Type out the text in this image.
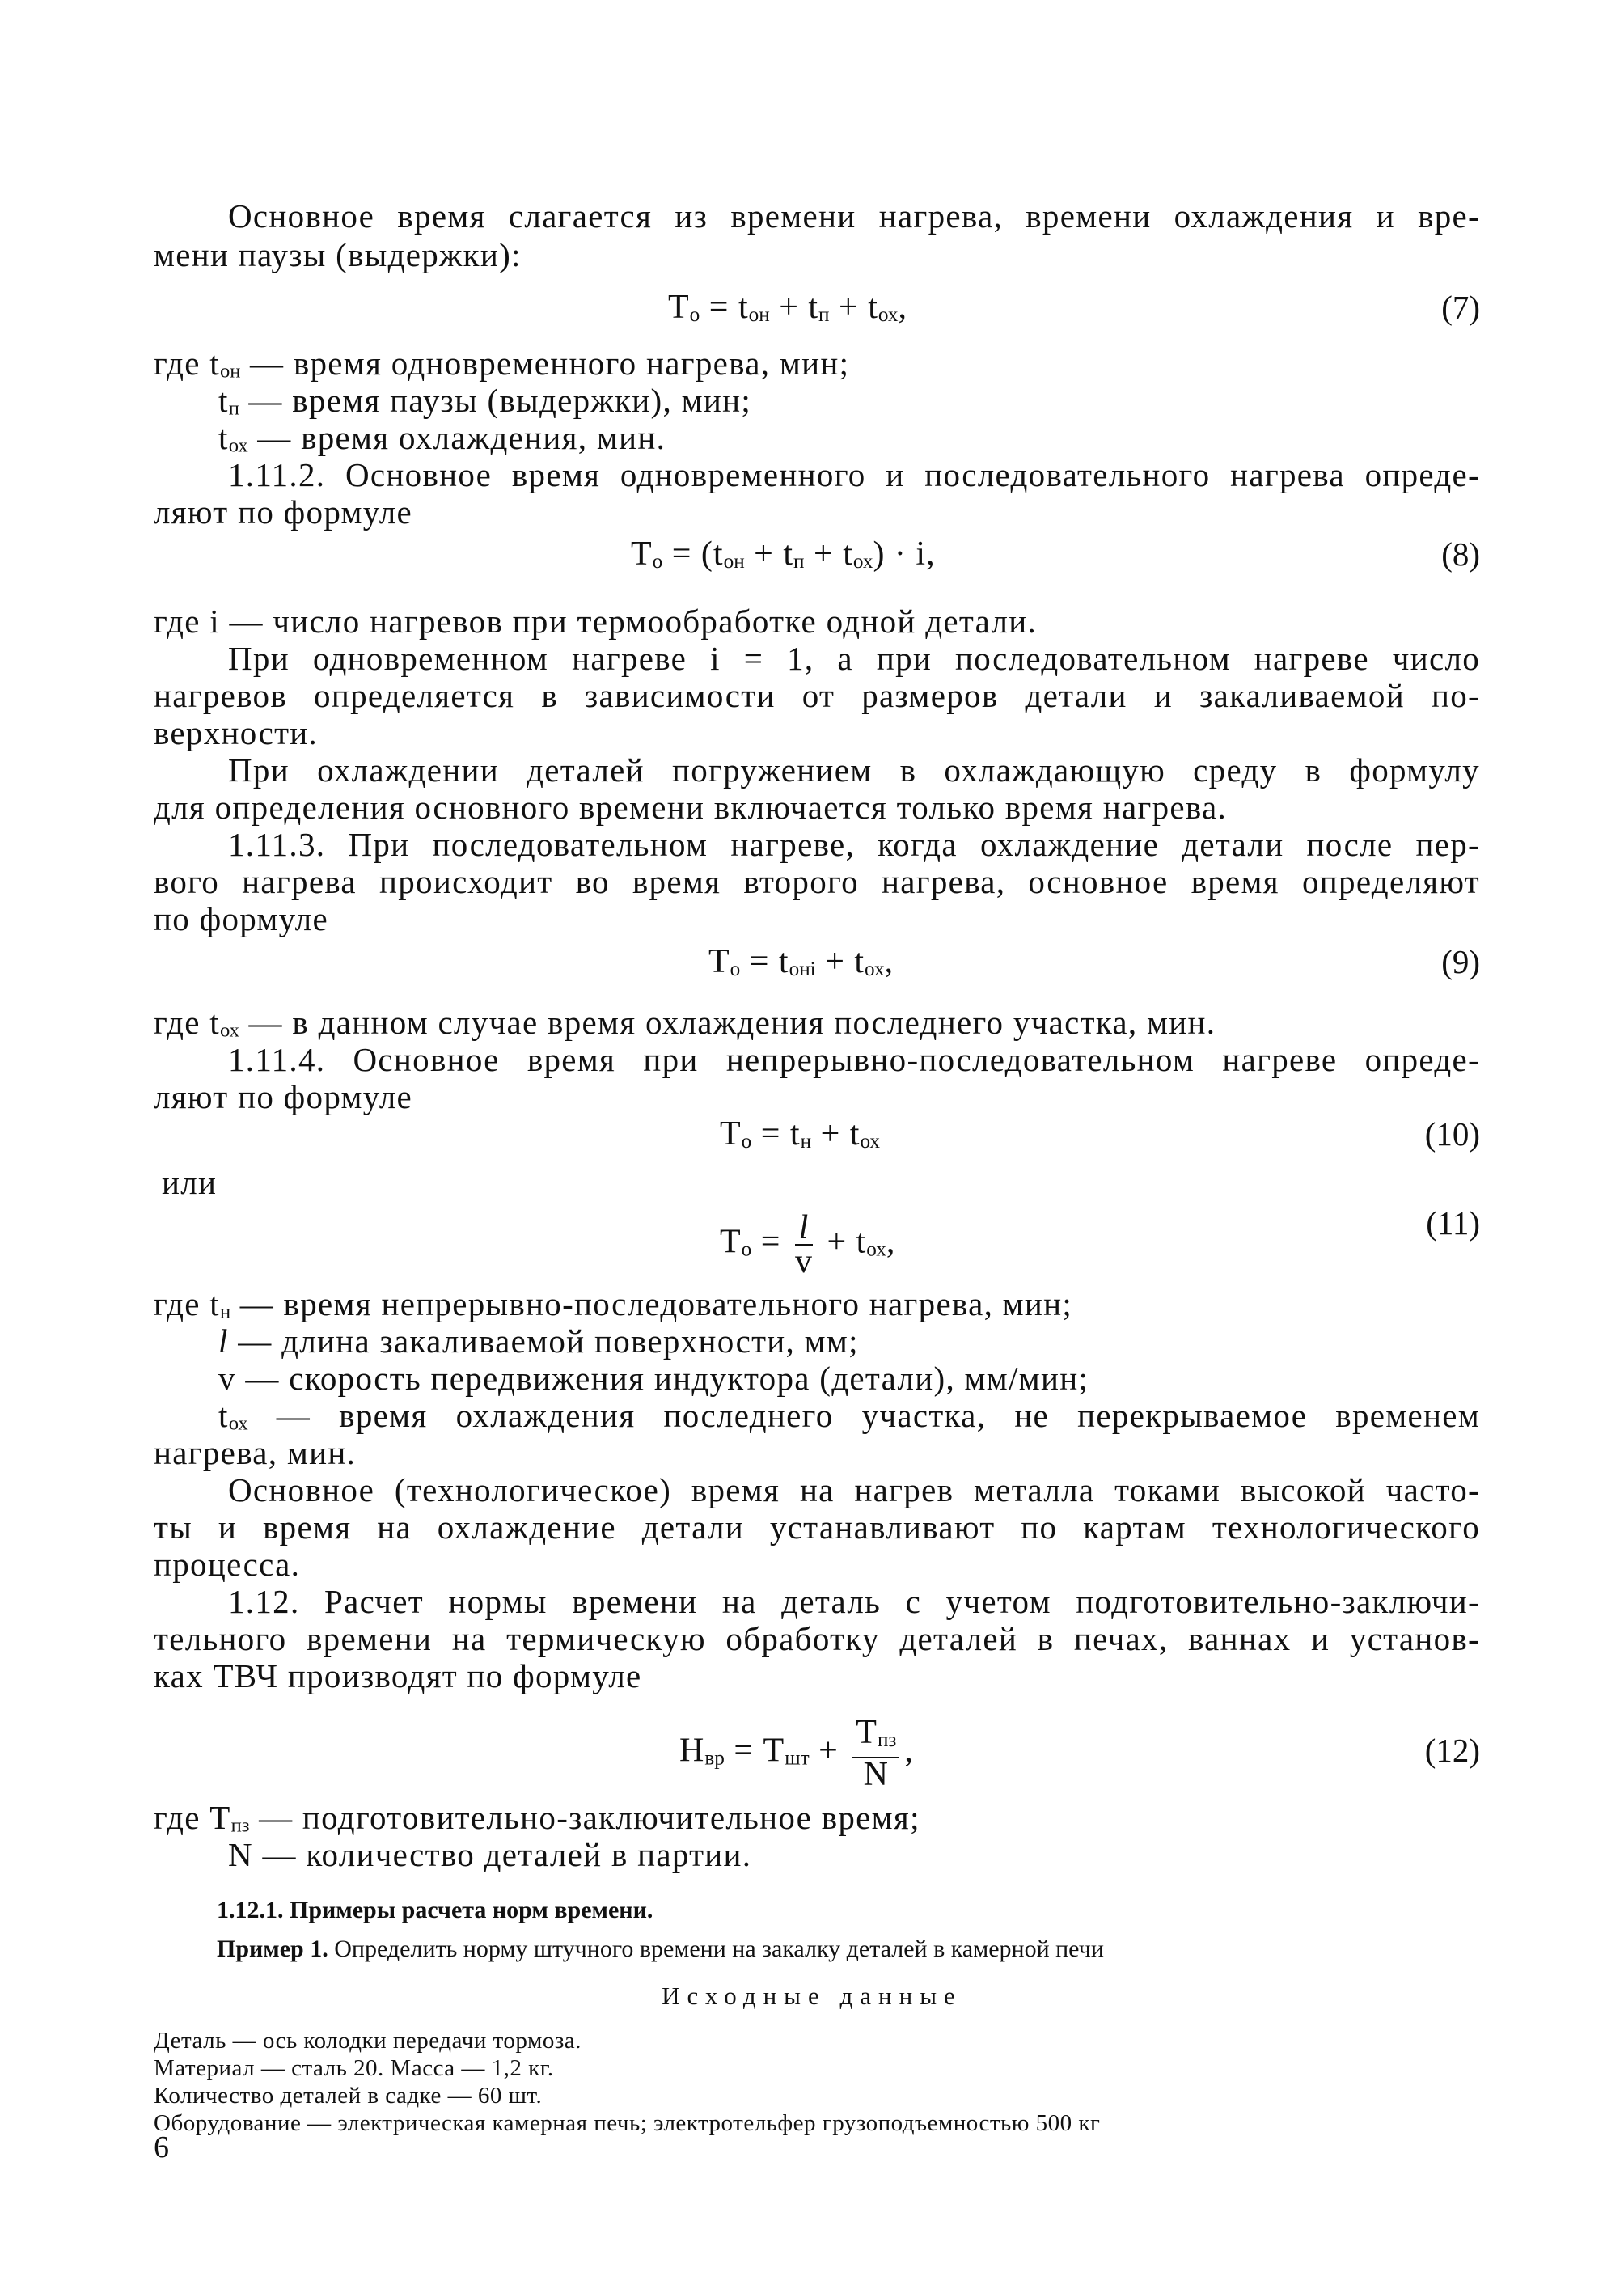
Основное время слагается из времени нагрева, времени охлаждения и вре-
мени паузы (выдержки):
Tо = tон + tп + tох,	(7)
где tон — время одновременного нагрева, мин;
tп — время паузы (выдержки), мин;
tох — время охлаждения, мин.
1.11.2. Основное время одновременного и последовательного нагрева опреде-
ляют по формуле
Tо = (tон + tп + tох) · i,	(8)
где i — число нагревов при термообработке одной детали.
При одновременном нагреве i = 1, а при последовательном нагреве число
нагревов определяется в зависимости от размеров детали и закаливаемой по-
верхности.
При охлаждении деталей погружением в охлаждающую среду в формулу
для определения основного времени включается только время нагрева.
1.11.3. При последовательном нагреве, когда охлаждение детали после пер-
вого нагрева происходит во время второго нагрева, основное время определяют
по формуле
Tо = tонi + tох,	(9)
где tох — в данном случае время охлаждения последнего участка, мин.
1.11.4. Основное время при непрерывно-последовательном нагреве опреде-
ляют по формуле
Tо = tн + tох	(10)
или
Tо = $\frac{l}{v}$ + tох,
(11)
где tн — время непрерывно-последовательного нагрева, мин;
l — длина закаливаемой поверхности, мм;
v — скорость передвижения индуктора (детали), мм/мин;
tох — время охлаждения последнего участка, не перекрываемое временем
нагрева, мин.
Основное (технологическое) время на нагрев металла токами высокой часто-
ты и время на охлаждение детали устанавливают по картам технологического
процесса.
1.12. Расчет нормы времени на деталь с учетом подготовительно-заключи-
тельного времени на термическую обработку деталей в печах, ваннах и установ-
ках ТВЧ производят по формуле
Hвр = Tшт + $\frac{\text{Tпз}}{N}$ ,	(12)
где Tпз — подготовительно-заключительное время;
N — количество деталей в партии.
1.12.1. Примеры расчета норм времени.
Пример 1. Определить норму штучного времени на закалку деталей в камерной печи
Исходные данные
Деталь — ось колодки передачи тормоза.
Материал — сталь 20. Масса — 1,2 кг.
Количество деталей в садке — 60 шт.
Оборудование — электрическая камерная печь; электротельфер грузоподъемностью 500 кг
6
